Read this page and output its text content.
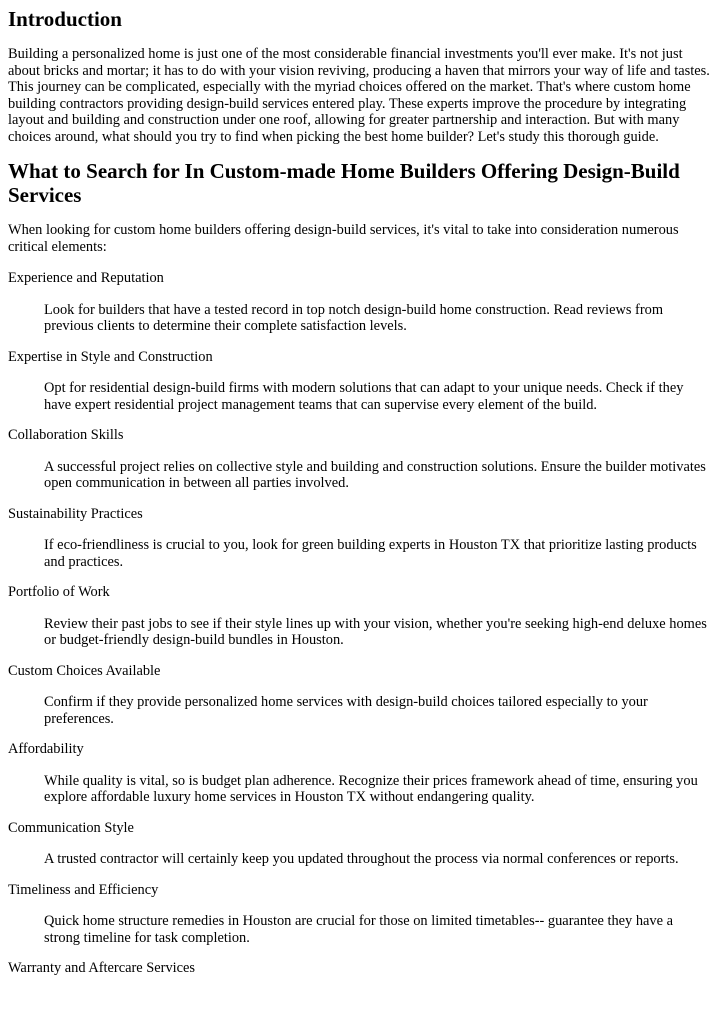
Introduction

Building a personalized home is just one of the most considerable financial investments you'll ever make. It's not just about bricks and mortar; it has to do with your vision reviving, producing a haven that mirrors your way of life and tastes. This journey can be complicated, especially with the myriad choices offered on the market. That's where custom home building contractors providing design-build services entered play. These experts improve the procedure by integrating layout and building and construction under one roof, allowing for greater partnership and interaction. But with many choices around, what should you try to find when picking the best home builder? Let's study this thorough guide.

What to Search for In Custom-made Home Builders Offering Design-Build Services

When looking for custom home builders offering design-build services, it's vital to take into consideration numerous critical elements:

Experience and Reputation
Look for builders that have a tested record in top notch design-build home construction. Read reviews from previous clients to determine their complete satisfaction levels.
Expertise in Style and Construction
Opt for residential design-build firms with modern solutions that can adapt to your unique needs. Check if they have expert residential project management teams that can supervise every element of the build.
Collaboration Skills
A successful project relies on collective style and building and construction solutions. Ensure the builder motivates open communication in between all parties involved.
Sustainability Practices
If eco-friendliness is crucial to you, look for green building experts in Houston TX that prioritize lasting products and practices.
Portfolio of Work
Review their past jobs to see if their style lines up with your vision, whether you're seeking high-end deluxe homes or budget-friendly design-build bundles in Houston.
Custom Choices Available
Confirm if they provide personalized home services with design-build choices tailored especially to your preferences.
Affordability
While quality is vital, so is budget plan adherence. Recognize their prices framework ahead of time, ensuring you explore affordable luxury home services in Houston TX without endangering quality.
Communication Style
A trusted contractor will certainly keep you updated throughout the process via normal conferences or reports.
Timeliness and Efficiency
Quick home structure remedies in Houston are crucial for those on limited timetables-- guarantee they have a strong timeline for task completion.
Warranty and Aftercare Services
